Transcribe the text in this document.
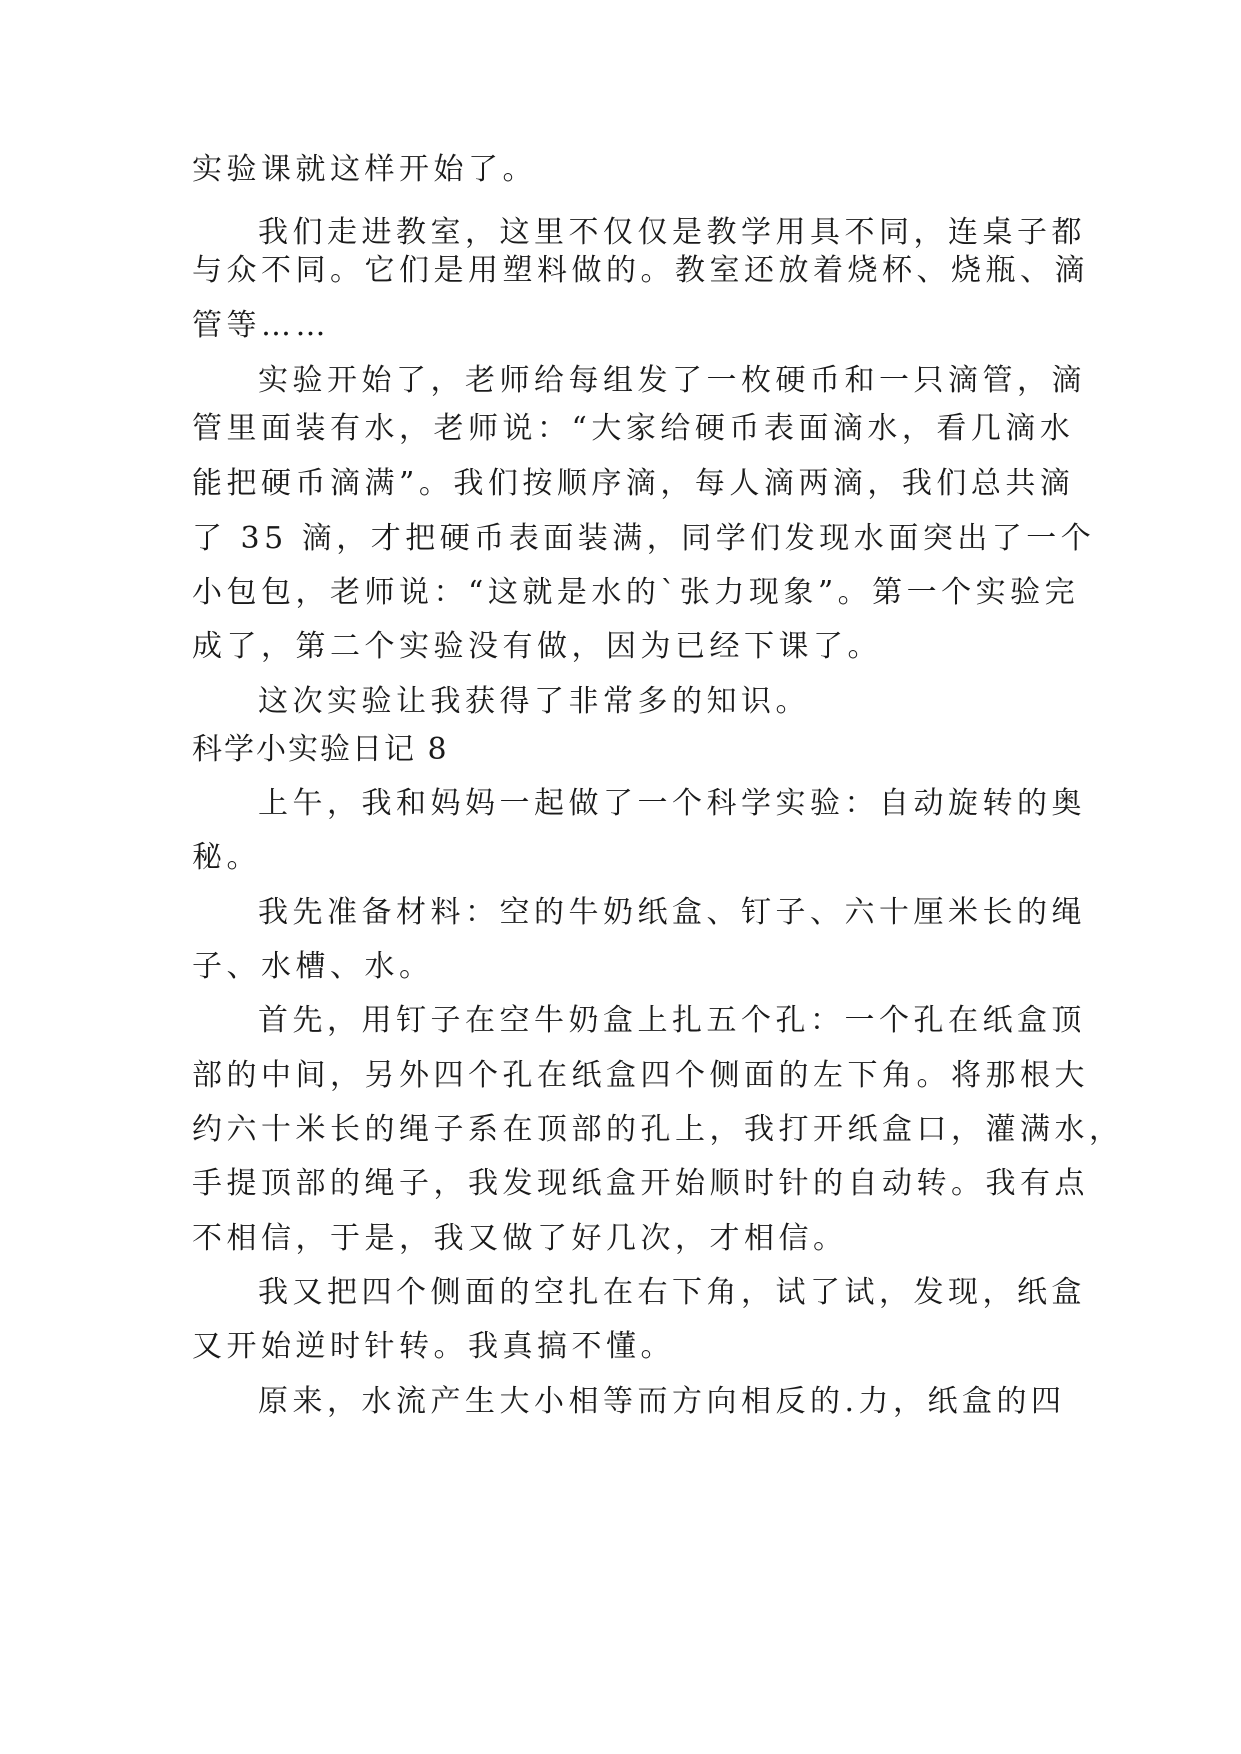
实验课就这样开始了。
我们走进教室，这里不仅仅是教学用具不同，连桌子都
与众不同。它们是用塑料做的。教室还放着烧杯、烧瓶、滴
管等……
实验开始了，老师给每组发了一枚硬币和一只滴管，滴
管里面装有水，老师说：“大家给硬币表面滴水，看几滴水
能把硬币滴满”。我们按顺序滴，每人滴两滴，我们总共滴
了 35 滴，才把硬币表面装满，同学们发现水面突出了一个
小包包，老师说：“这就是水的`张力现象”。第一个实验完
成了，第二个实验没有做，因为已经下课了。
这次实验让我获得了非常多的知识。
科学小实验日记 8
上午，我和妈妈一起做了一个科学实验：自动旋转的奥
秘。
我先准备材料：空的牛奶纸盒、钉子、六十厘米长的绳
子、水槽、水。
首先，用钉子在空牛奶盒上扎五个孔：一个孔在纸盒顶
部的中间，另外四个孔在纸盒四个侧面的左下角。将那根大
约六十米长的绳子系在顶部的孔上，我打开纸盒口，灌满水，
手提顶部的绳子，我发现纸盒开始顺时针的自动转。我有点
不相信，于是，我又做了好几次，才相信。
我又把四个侧面的空扎在右下角，试了试，发现，纸盒
又开始逆时针转。我真搞不懂。
原来，水流产生大小相等而方向相反的.力，纸盒的四
